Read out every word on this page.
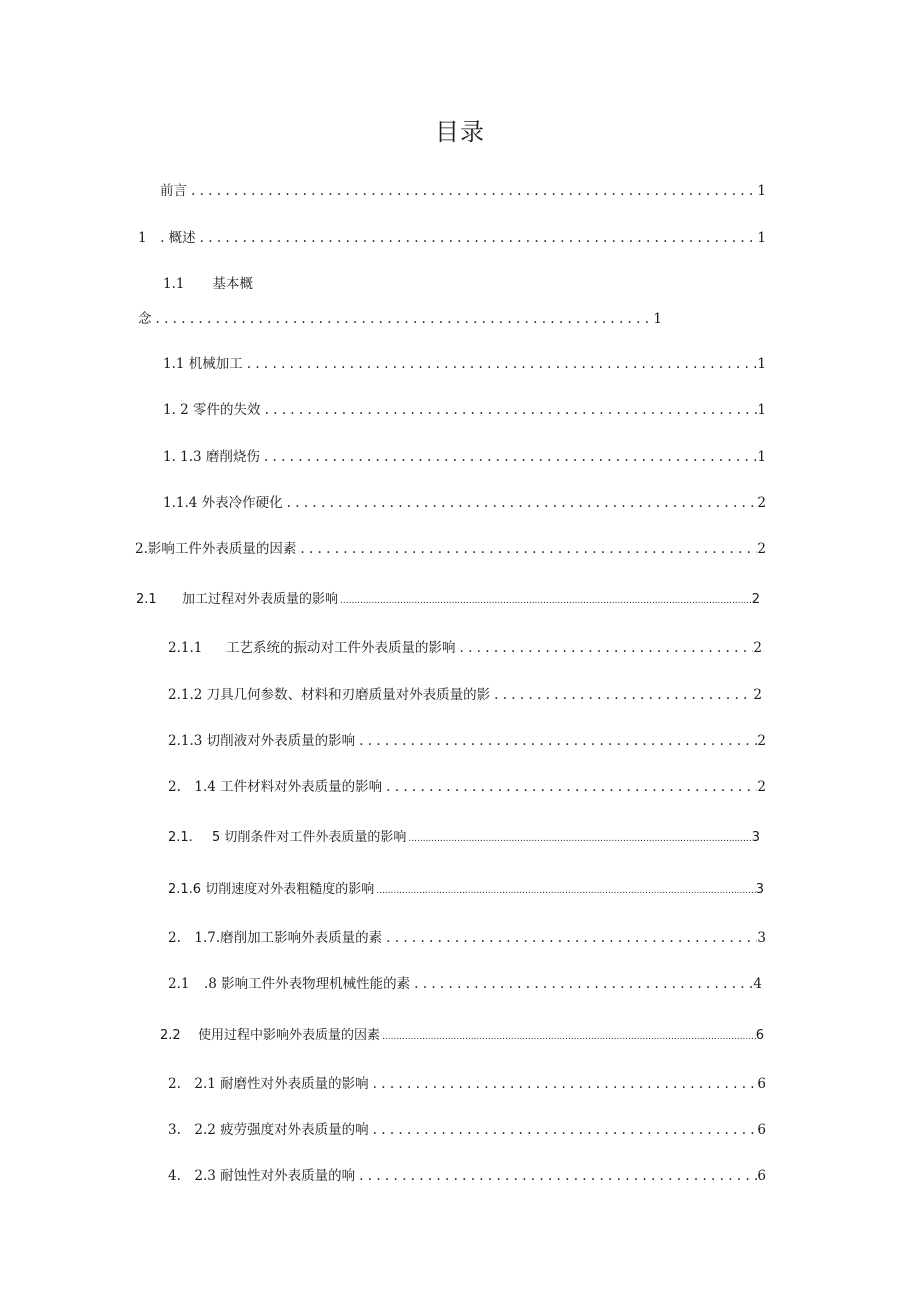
目录
前言 . . .	1
1　. 概述 . . .	1
1.1 基本概
念 . . .	1
1.1 机械加工 . . .	1
1. 2 零件的失效 . . .	1
1. 1.3 磨削烧伤 . . .	1
1.1.4 外表冷作硬化 . . .	2
2.影响工件外表质量的因素 . . .	2
2.1	加工过程对外表质量的影响 .....	2
2.1.1	工艺系统的振动对工件外表质量的影响 . . .	2
2.1.2 刀具几何参数、材料和刃磨质量对外表质量的影 . . .	2
2.1.3 切削液对外表质量的影响 . . .	2
2.　1.4 工件材料对外表质量的影响 . . .	2
2.1.	5 切削条件对工件外表质量的影响 .....	3
2.1.6 切削速度对外表粗糙度的影响 .....	3
2.　1.7.磨削加工影响外表质量的素 . . .	3
2.1	.8 影响工件外表物理机械性能的素 . . .	4
2.2	使用过程中影响外表质量的因素 .....	6
2.　2.1 耐磨性对外表质量的影响 . . .	6
3.　2.2 疲劳强度对外表质量的响 . . .	6
4.　2.3 耐蚀性对外表质量的响 . . .	6
